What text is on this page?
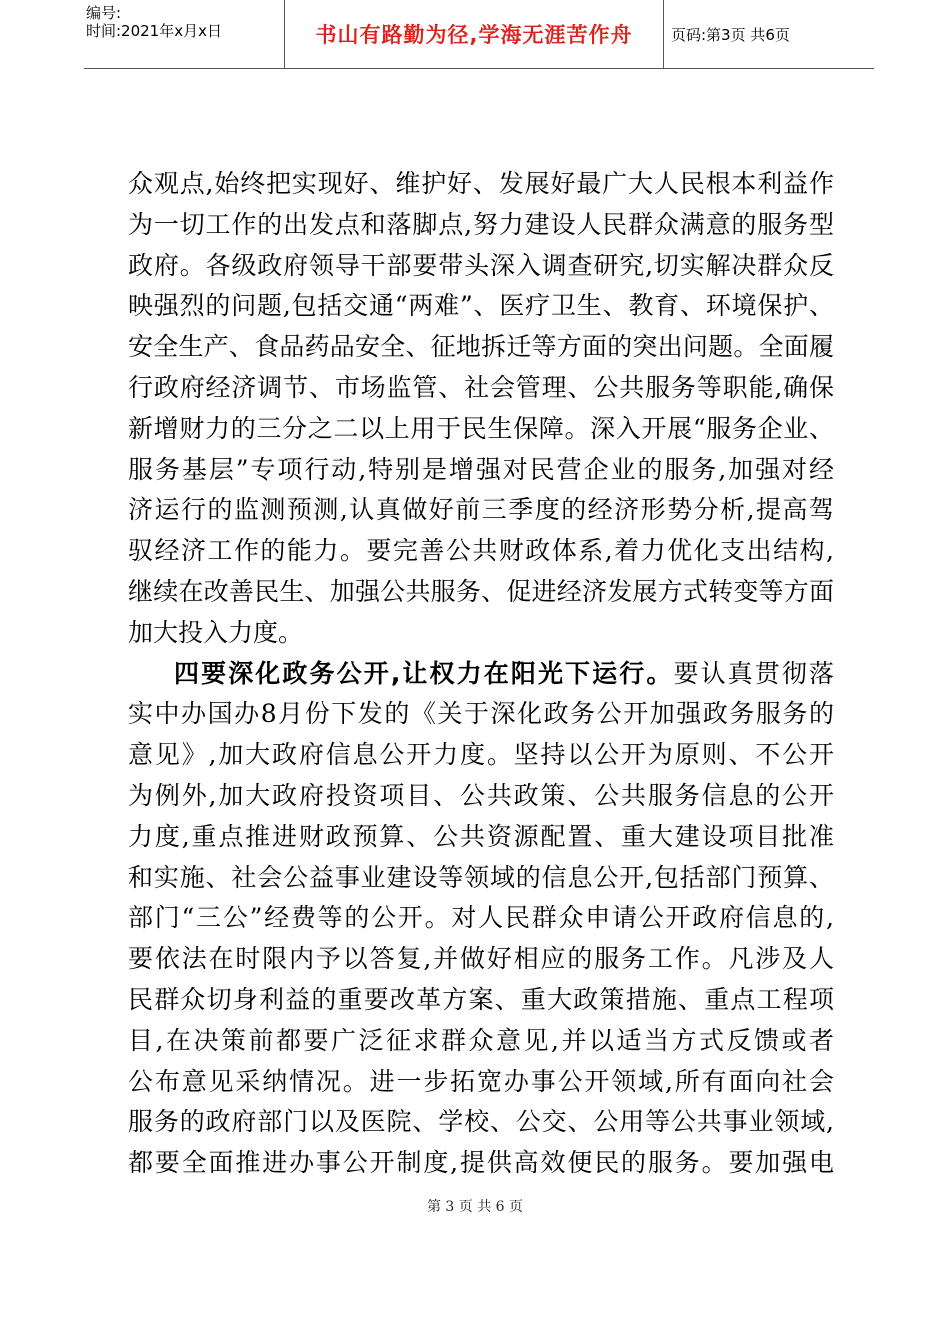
编号:
时间:2021年x月x日	书山有路勤为径,学海无涯苦作舟	页码:第3页 共6页
众观点,始终把实现好、维护好、发展好最广大人民根本利益作
为一切工作的出发点和落脚点,努力建设人民群众满意的服务型
政府。各级政府领导干部要带头深入调查研究,切实解决群众反
映强烈的问题,包括交通“两难”、医疗卫生、教育、环境保护、
安全生产、食品药品安全、征地拆迁等方面的突出问题。全面履
行政府经济调节、市场监管、社会管理、公共服务等职能,确保
新增财力的三分之二以上用于民生保障。深入开展“服务企业、
服务基层”专项行动,特别是增强对民营企业的服务,加强对经
济运行的监测预测,认真做好前三季度的经济形势分析,提高驾
驭经济工作的能力。要完善公共财政体系,着力优化支出结构,
继续在改善民生、加强公共服务、促进经济发展方式转变等方面
加大投入力度。
四要深化政务公开,让权力在阳光下运行。要认真贯彻落
实中办国办8月份下发的《关于深化政务公开加强政务服务的
意见》,加大政府信息公开力度。坚持以公开为原则、不公开
为例外,加大政府投资项目、公共政策、公共服务信息的公开
力度,重点推进财政预算、公共资源配置、重大建设项目批准
和实施、社会公益事业建设等领域的信息公开,包括部门预算、
部门“三公”经费等的公开。对人民群众申请公开政府信息的,
要依法在时限内予以答复,并做好相应的服务工作。凡涉及人
民群众切身利益的重要改革方案、重大政策措施、重点工程项
目,在决策前都要广泛征求群众意见,并以适当方式反馈或者
公布意见采纳情况。进一步拓宽办事公开领域,所有面向社会
服务的政府部门以及医院、学校、公交、公用等公共事业领域,
都要全面推进办事公开制度,提供高效便民的服务。要加强电
第 3 页 共 6 页
